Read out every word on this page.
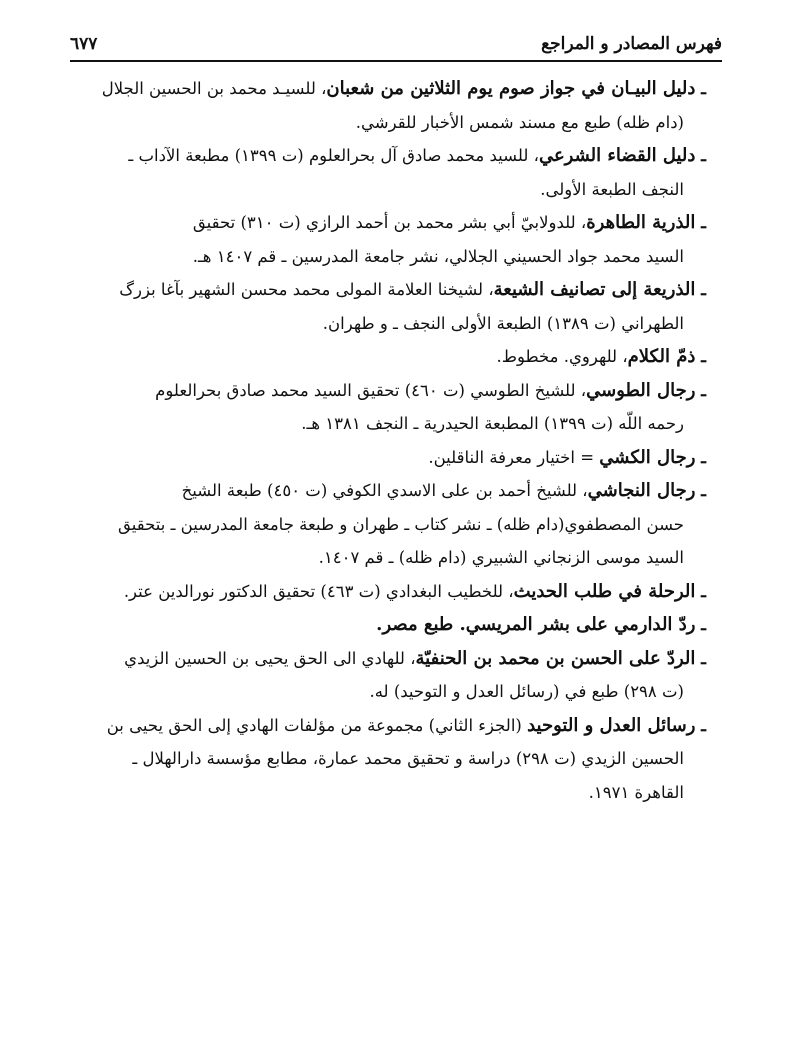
فهرس المصادر و المراجع
٦٧٧

ـ دليل البيـان في جواز صوم يوم الثلاثين من شعبان، للسيـد محمد بن الحسين الجلال
(دام ظله) طبع مع مسند شمس الأخبار للقرشي.

ـ دليل القضاء الشرعي، للسيد محمد صادق آل بحرالعلوم (ت ١٣٩٩) مطبعة الآداب ـ
النجف الطبعة الأولى.

ـ الذرية الطاهرة، للدولابيّ أبي بشر محمد بن أحمد الرازي (ت ٣١٠) تحقيق
السيد محمد جواد الحسيني الجلالي، نشر جامعة المدرسين ـ قم ١٤٠٧ هـ.

ـ الذريعة إلى تصانيف الشيعة، لشيخنا العلامة المولى محمد محسن الشهير بآغا بزرگ
الطهراني (ت ١٣٨٩) الطبعة الأولى النجف ـ و طهران.

ـ ذمّ الكلام، للهروي. مخطوط.

ـ رجال الطوسي، للشيخ الطوسي (ت ٤٦٠) تحقيق السيد محمد صادق بحرالعلوم
رحمه اللّه (ت ١٣٩٩) المطبعة الحيدرية ـ النجف ١٣٨١ هـ.

ـ رجال الكشي = اختيار معرفة الناقلين.

ـ رجال النجاشي، للشيخ أحمد بن على الاسدي الكوفي (ت ٤٥٠) طبعة الشيخ
حسن المصطفوي(دام ظله) ـ نشر كتاب ـ طهران و طبعة جامعة المدرسين ـ بتحقيق
السيد موسى الزنجاني الشبيري (دام ظله) ـ قم ١٤٠٧.

ـ الرحلة في طلب الحديث، للخطيب البغدادي (ت ٤٦٣) تحقيق الدكتور نورالدين عتر.

ـ ردّ الدارمي على بشر المريسي. طبع مصر.

ـ الردّ على الحسن بن محمد بن الحنفيّة، للهادي الى الحق يحيى بن الحسين الزيدي
(ت ٢٩٨) طبع في (رسائل العدل و التوحيد) له.

ـ رسائل العدل و التوحيد (الجزء الثاني) مجموعة من مؤلفات الهادي إلى الحق يحيى بن
الحسين الزيدي (ت ٢٩٨) دراسة و تحقيق محمد عمارة، مطابع مؤسسة دارالهلال ـ
القاهرة ١٩٧١.
